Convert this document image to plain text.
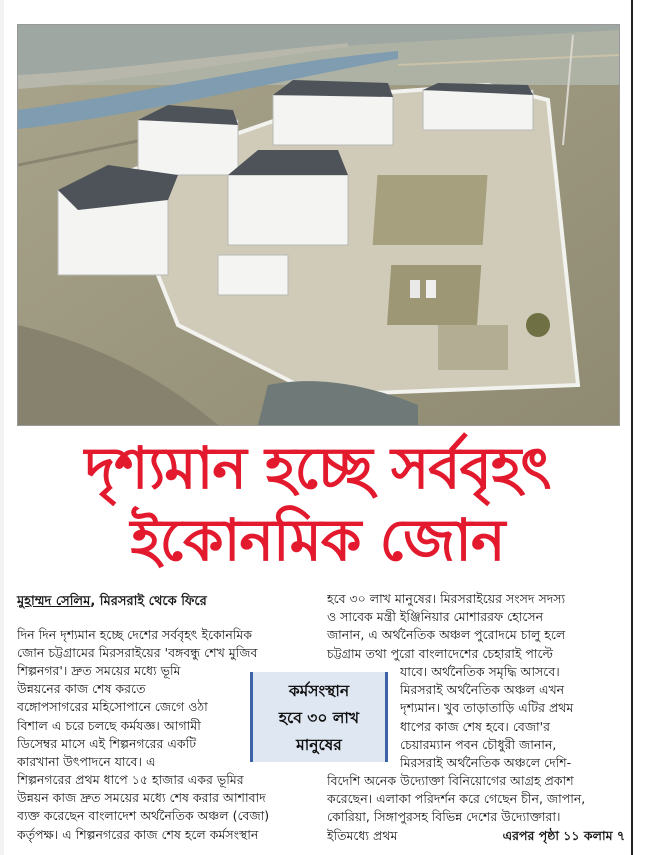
দৃশ্যমান হচ্ছে সর্ববৃহৎ
ইকোনমিক জোন
মুহাম্মদ সেলিম, মিরসরাই থেকে ফিরে
দিন দিন দৃশ্যমান হচ্ছে দেশের সর্ববৃহৎ ইকোনমিক
জোন চট্টগ্রামের মিরসরাইয়ের 'বঙ্গবন্ধু শেখ মুজিব
শিল্পনগর'। দ্রুত সময়ের মধ্যে ভূমি
উন্নয়নের কাজ শেষ করতে
বঙ্গোপসাগরের মহিসোপানে জেগে ওঠা
বিশাল এ চরে চলছে কর্মযজ্ঞ। আগামী
ডিসেম্বর মাসে এই শিল্পনগরের একটি
কারখানা উৎপাদনে যাবে। এ
শিল্পনগরের প্রথম ধাপে ১৫ হাজার একর ভূমির
উন্নয়ন কাজ দ্রুত সময়ের মধ্যে শেষ করার আশাবাদ
ব্যক্ত করেছেন বাংলাদেশ অর্থনৈতিক অঞ্চল (বেজা)
কর্তৃপক্ষ। এ শিল্পনগরের কাজ শেষ হলে কর্মসংস্থান
কর্মসংস্থান
হবে ৩০ লাখ
মানুষের
হবে ৩০ লাখ মানুষের। মিরসরাইয়ের সংসদ সদস্য
ও সাবেক মন্ত্রী ইঞ্জিনিয়ার মোশাররফ হোসেন
জানান, এ অর্থনৈতিক অঞ্চল পুরোদমে চালু হলে
চট্টগ্রাম তথা পুরো বাংলাদেশের চেহারাই পাল্টে
যাবে। অর্থনৈতিক সমৃদ্ধি আসবে।
মিরসরাই অর্থনৈতিক অঞ্চল এখন
দৃশ্যমান। খুব তাড়াতাড়ি এটির প্রথম
ধাপের কাজ শেষ হবে। বেজা'র
চেয়ারম্যান পবন চৌধুরী জানান,
মিরসরাই অর্থনৈতিক অঞ্চলে দেশি-
বিদেশি অনেক উদ্যোক্তা বিনিয়োগের আগ্রহ প্রকাশ
করেছেন। এলাকা পরিদর্শন করে গেছেন চীন, জাপান,
কোরিয়া, সিঙ্গাপুরসহ বিভিন্ন দেশের উদ্যোক্তারা।
ইতিমধ্যে প্রথম	এরপর পৃষ্ঠা ১১ কলাম ৭
